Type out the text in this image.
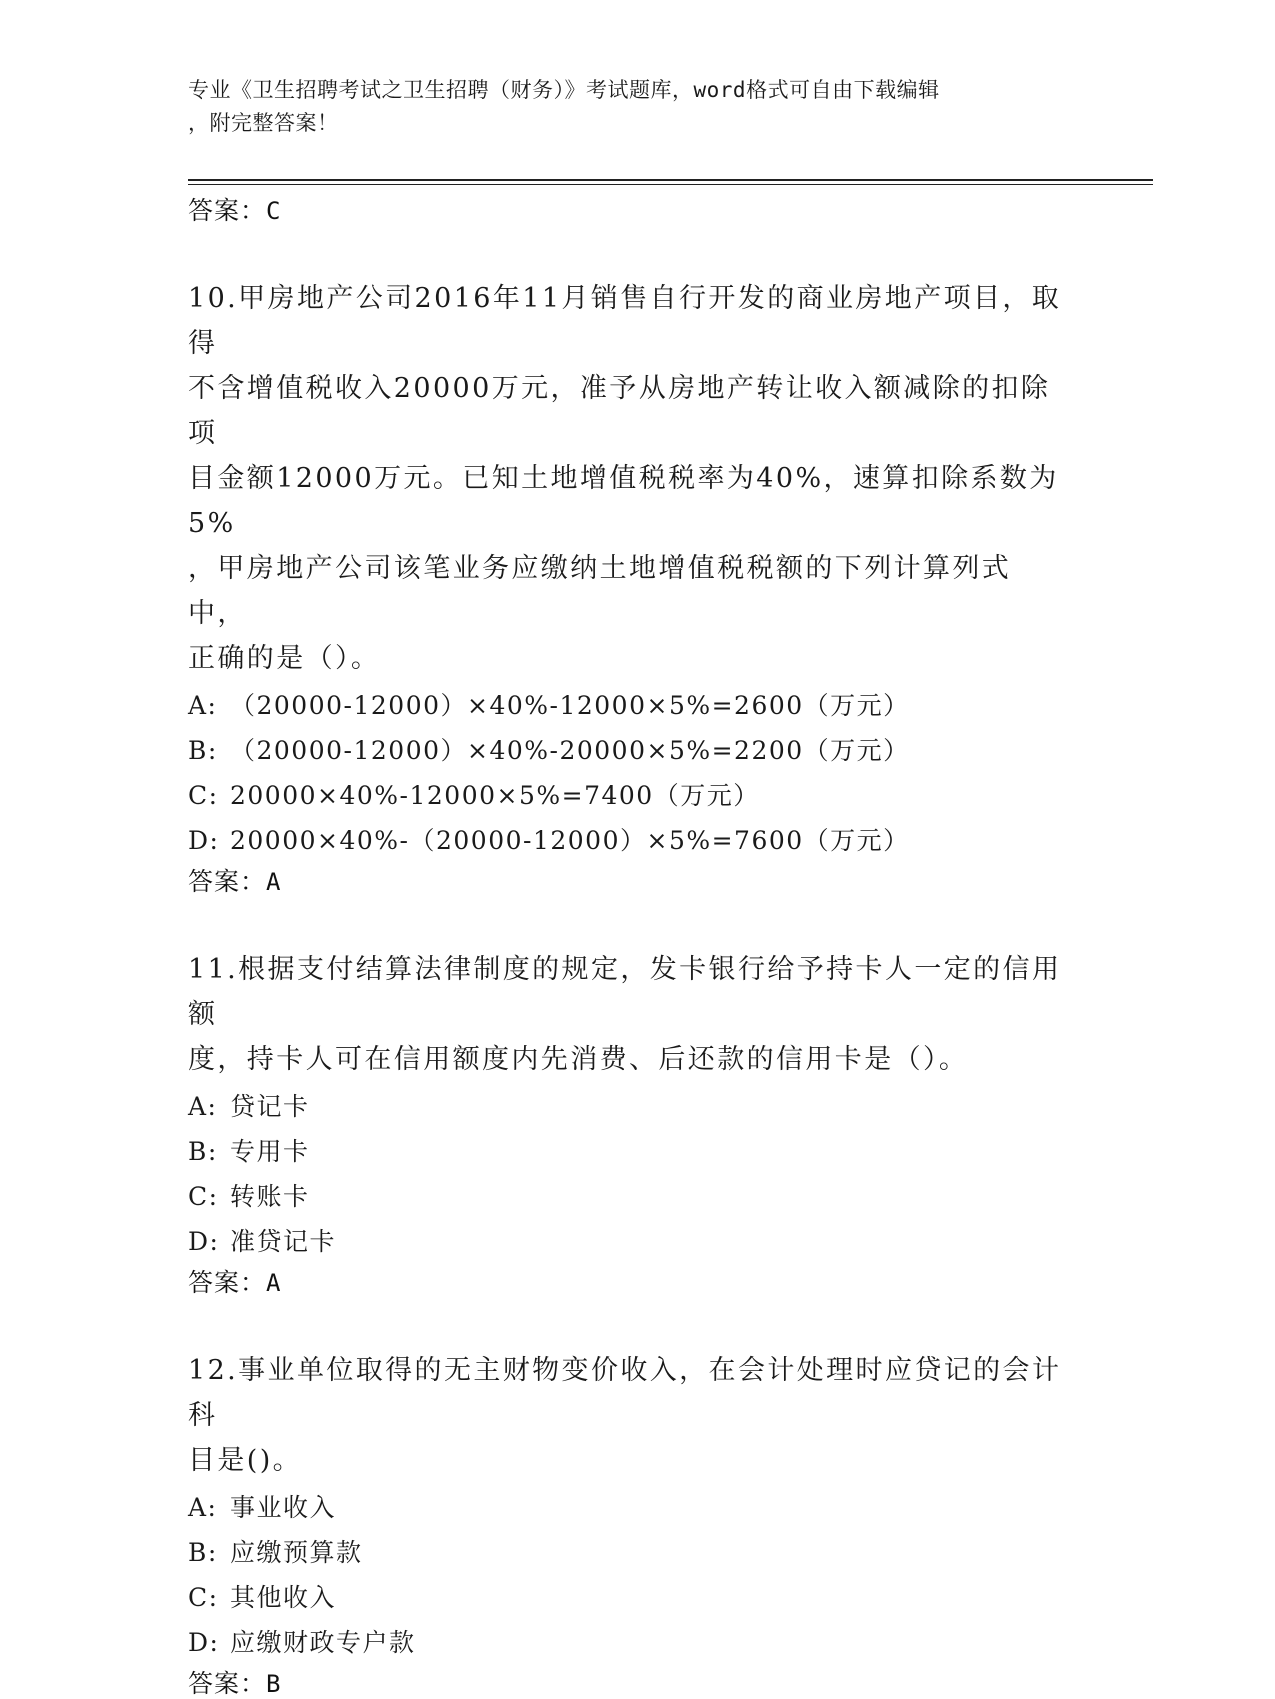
专业《卫生招聘考试之卫生招聘（财务）》考试题库，word格式可自由下载编辑
，附完整答案！
答案：C
10.甲房地产公司2016年11月销售自行开发的商业房地产项目，取得
不含增值税收入20000万元，准予从房地产转让收入额减除的扣除项
目金额12000万元。已知土地增值税税率为40%，速算扣除系数为5%
，甲房地产公司该笔业务应缴纳土地增值税税额的下列计算列式中，
正确的是（）。
A: （20000-12000）×40%-12000×5%=2600（万元）
B: （20000-12000）×40%-20000×5%=2200（万元）
C: 20000×40%-12000×5%=7400（万元）
D: 20000×40%-（20000-12000）×5%=7600（万元）
答案：A
11.根据支付结算法律制度的规定，发卡银行给予持卡人一定的信用额
度，持卡人可在信用额度内先消费、后还款的信用卡是（）。
A: 贷记卡
B: 专用卡
C: 转账卡
D: 准贷记卡
答案：A
12.事业单位取得的无主财物变价收入，在会计处理时应贷记的会计科
目是()。
A: 事业收入
B: 应缴预算款
C: 其他收入
D: 应缴财政专户款
答案：B
